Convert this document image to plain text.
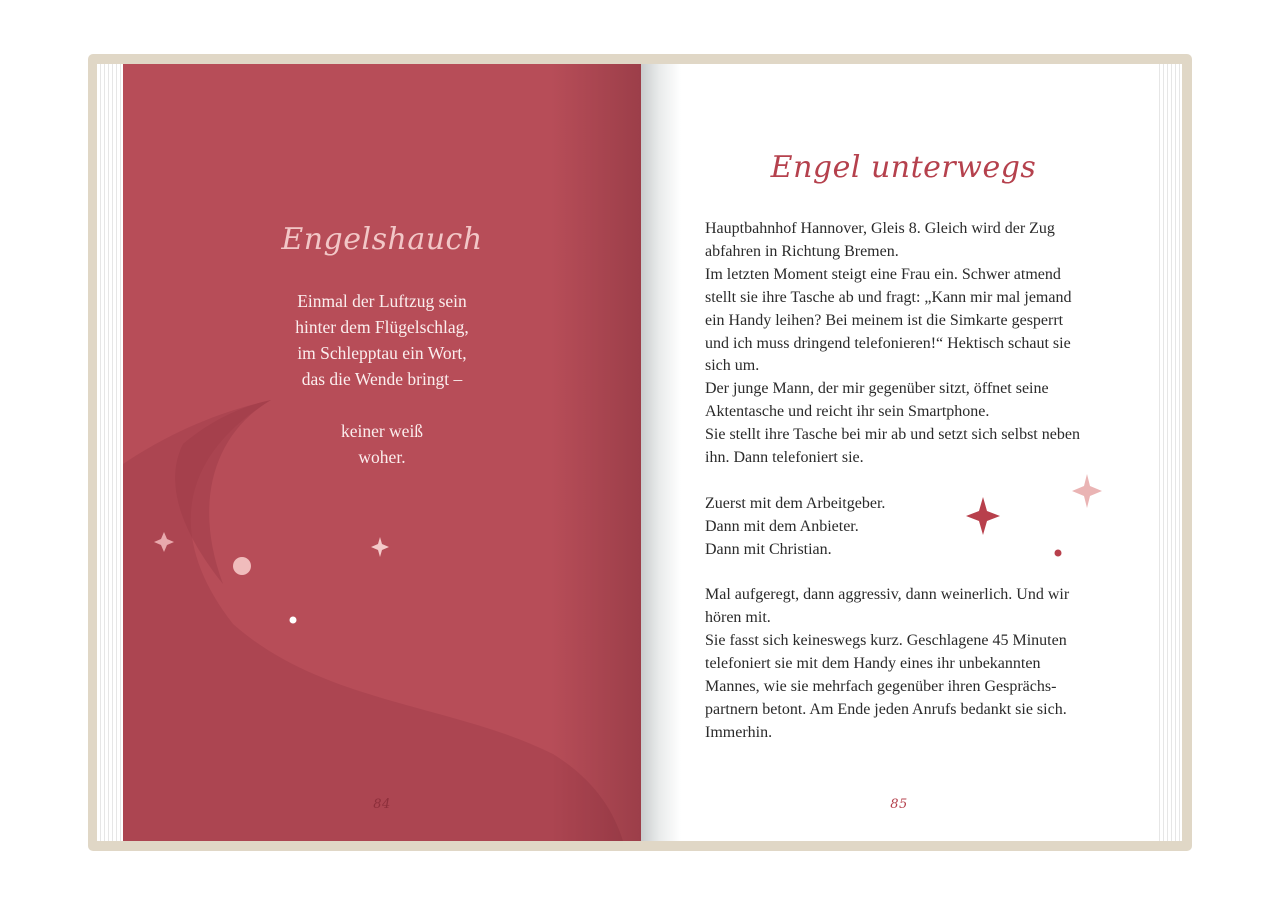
Engelshauch
Einmal der Luftzug sein
hinter dem Flügelschlag,
im Schlepptau ein Wort,
das die Wende bringt –
keiner weiß
woher.
84
Engel unterwegs
Hauptbahnhof Hannover, Gleis 8. Gleich wird der Zug
abfahren in Richtung Bremen.
Im letzten Moment steigt eine Frau ein. Schwer atmend
stellt sie ihre Tasche ab und fragt: „Kann mir mal jemand
ein Handy leihen? Bei meinem ist die Simkarte gesperrt
und ich muss dringend telefonieren!“ Hektisch schaut sie
sich um.
Der junge Mann, der mir gegenüber sitzt, öffnet seine
Aktentasche und reicht ihr sein Smartphone.
Sie stellt ihre Tasche bei mir ab und setzt sich selbst neben
ihn. Dann telefoniert sie.
Zuerst mit dem Arbeitgeber.
Dann mit dem Anbieter.
Dann mit Christian.
Mal aufgeregt, dann aggressiv, dann weinerlich. Und wir
hören mit.
Sie fasst sich keineswegs kurz. Geschlagene 45 Minuten
telefoniert sie mit dem Handy eines ihr unbekannten
Mannes, wie sie mehrfach gegenüber ihren Gesprächs-
partnern betont. Am Ende jeden Anrufs bedankt sie sich.
Immerhin.
85
